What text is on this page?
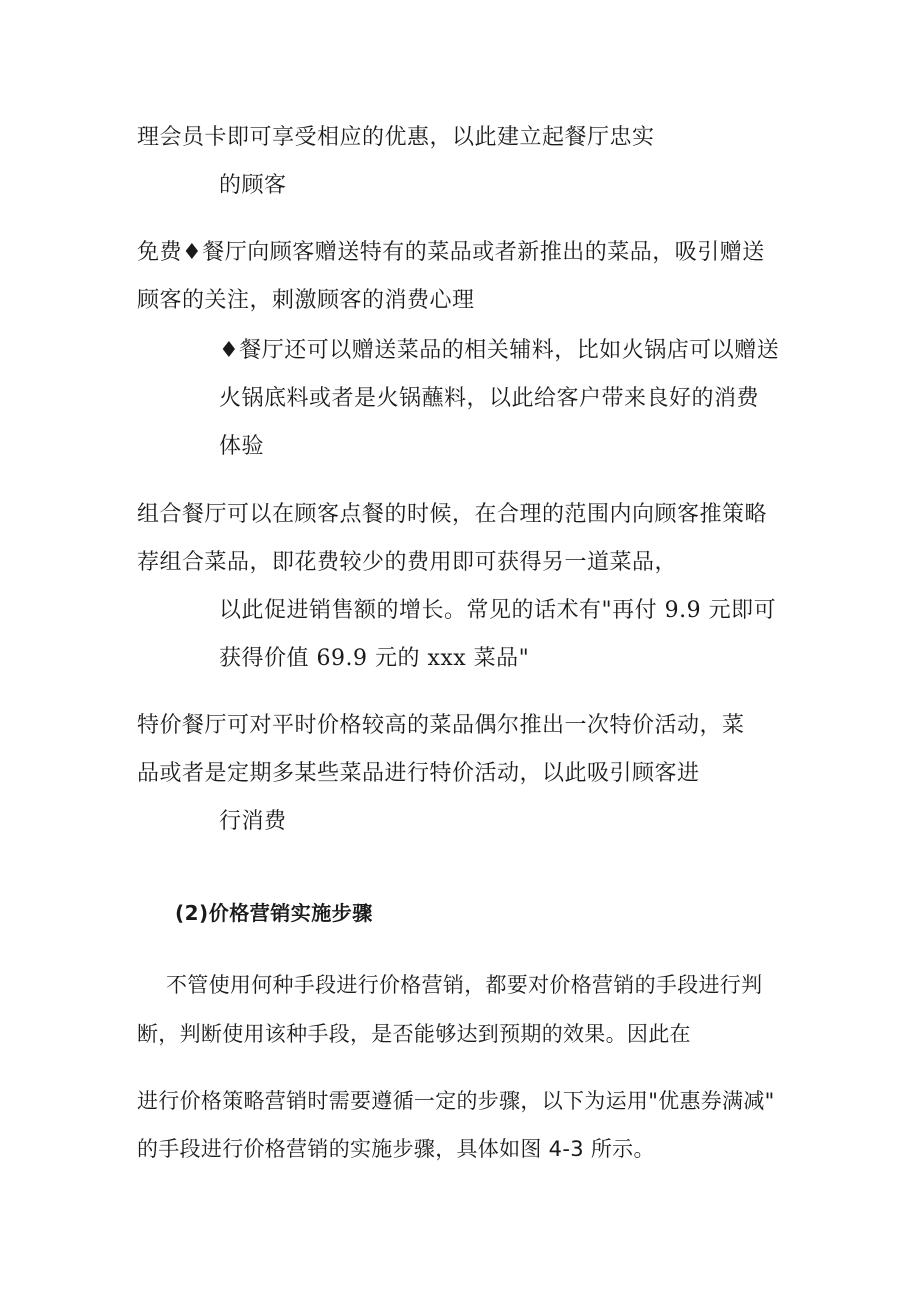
理会员卡即可享受相应的优惠，以此建立起餐厅忠实
的顾客
免费♦餐厅向顾客赠送特有的菜品或者新推出的菜品，吸引赠送
顾客的关注，刺激顾客的消费心理
♦餐厅还可以赠送菜品的相关辅料，比如火锅店可以赠送
火锅底料或者是火锅蘸料，以此给客户带来良好的消费
体验
组合餐厅可以在顾客点餐的时候，在合理的范围内向顾客推策略
荐组合菜品，即花费较少的费用即可获得另一道菜品，
以此促进销售额的增长。常见的话术有"再付 9.9 元即可
获得价值 69.9 元的 xxx 菜品"
特价餐厅可对平时价格较高的菜品偶尔推出一次特价活动，菜
品或者是定期多某些菜品进行特价活动，以此吸引顾客进
行消费
(2)价格营销实施步骤
不管使用何种手段进行价格营销，都要对价格营销的手段进行判
断，判断使用该种手段，是否能够达到预期的效果。因此在
进行价格策略营销时需要遵循一定的步骤，以下为运用"优惠券满减"
的手段进行价格营销的实施步骤，具体如图 4-3 所示。
